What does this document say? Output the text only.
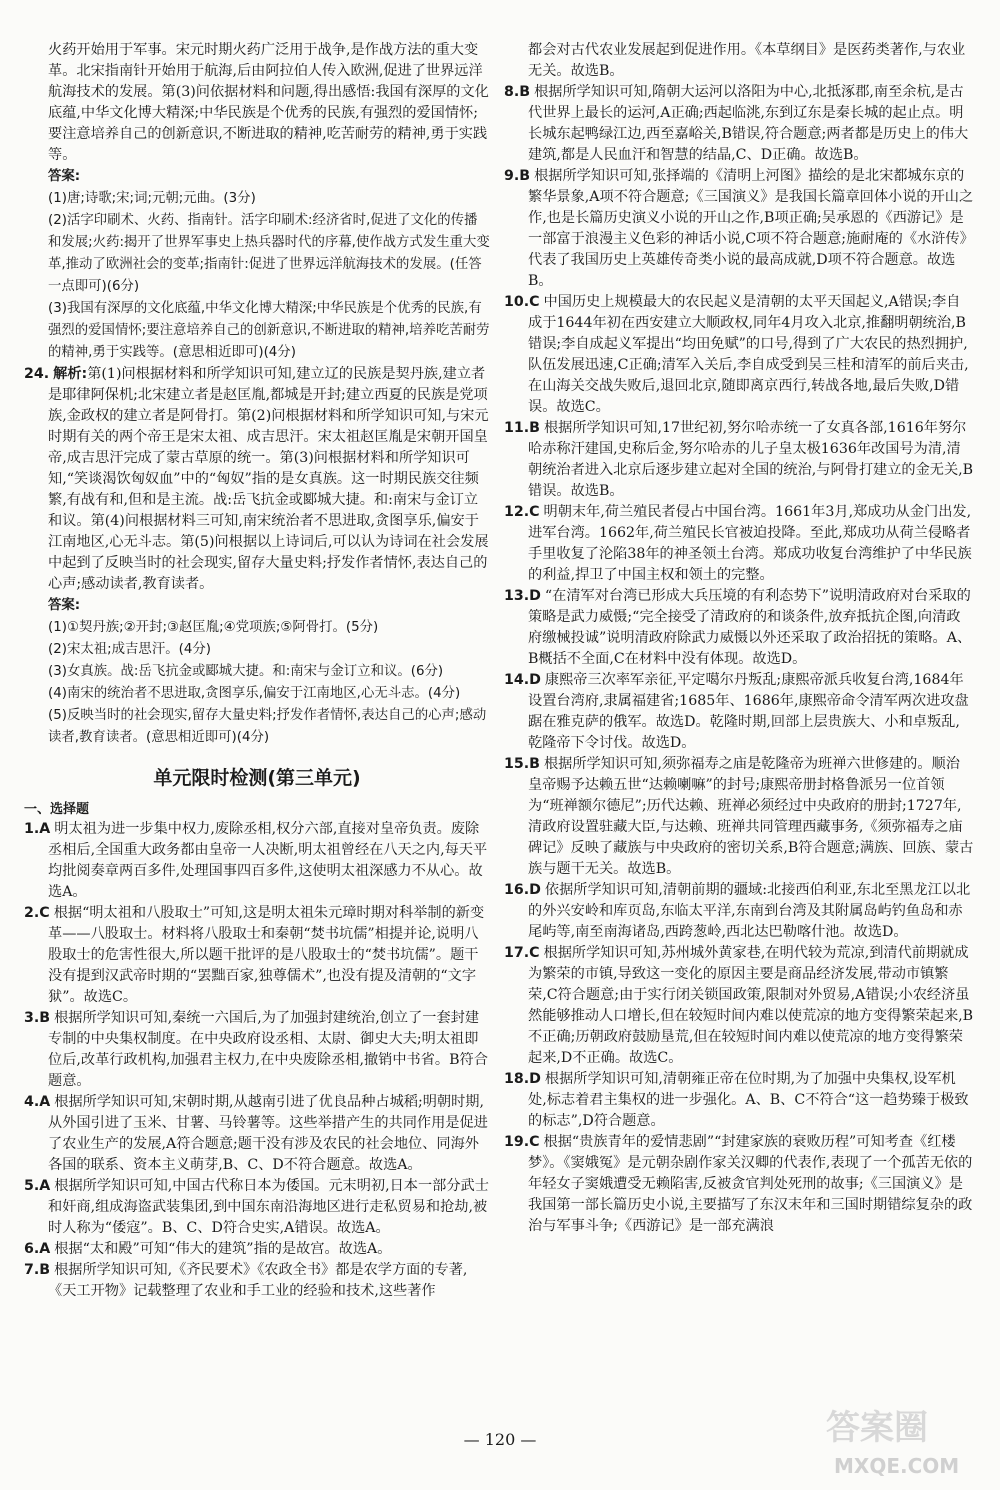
火药开始用于军事。宋元时期火药广泛用于战争,是作战方法的重大变革。北宋指南针开始用于航海,后由阿拉伯人传入欧洲,促进了世界远洋航海技术的发展。第(3)问依据材料和问题,得出感悟:我国有深厚的文化底蕴,中华文化博大精深;中华民族是个优秀的民族,有强烈的爱国情怀;要注意培养自己的创新意识,不断进取的精神,吃苦耐劳的精神,勇于实践等。

答案:

(1)唐;诗歌;宋;词;元朝;元曲。(3分)

(2)活字印刷术、火药、指南针。活字印刷术:经济省时,促进了文化的传播和发展;火药:揭开了世界军事史上热兵器时代的序幕,使作战方式发生重大变革,推动了欧洲社会的变革;指南针:促进了世界远洋航海技术的发展。(任答一点即可)(6分)

(3)我国有深厚的文化底蕴,中华文化博大精深;中华民族是个优秀的民族,有强烈的爱国情怀;要注意培养自己的创新意识,不断进取的精神,培养吃苦耐劳的精神,勇于实践等。(意思相近即可)(4分)

24. 解析:第(1)问根据材料和所学知识可知,建立辽的民族是契丹族,建立者是耶律阿保机;北宋建立者是赵匡胤,都城是开封;建立西夏的民族是党项族,金政权的建立者是阿骨打。第(2)问根据材料和所学知识可知,与宋元时期有关的两个帝王是宋太祖、成吉思汗。宋太祖赵匡胤是宋朝开国皇帝,成吉思汗完成了蒙古草原的统一。第(3)问根据材料和所学知识可知,“笑谈渴饮匈奴血”中的“匈奴”指的是女真族。这一时期民族交往频繁,有战有和,但和是主流。战:岳飞抗金或郾城大捷。和:南宋与金订立和议。第(4)问根据材料三可知,南宋统治者不思进取,贪图享乐,偏安于江南地区,心无斗志。第(5)问根据以上诗词后,可以认为诗词在社会发展中起到了反映当时的社会现实,留存大量史料;抒发作者情怀,表达自己的心声;感动读者,教育读者。

答案:

(1)①契丹族;②开封;③赵匡胤;④党项族;⑤阿骨打。(5分)

(2)宋太祖;成吉思汗。(4分)

(3)女真族。战:岳飞抗金或郾城大捷。和:南宋与金订立和议。(6分)

(4)南宋的统治者不思进取,贪图享乐,偏安于江南地区,心无斗志。(4分)

(5)反映当时的社会现实,留存大量史料;抒发作者情怀,表达自己的心声;感动读者,教育读者。(意思相近即可)(4分)

单元限时检测(第三单元)
一、选择题

1.A 明太祖为进一步集中权力,废除丞相,权分六部,直接对皇帝负责。废除丞相后,全国重大政务都由皇帝一人决断,明太祖曾经在八天之内,每天平均批阅奏章两百多件,处理国事四百多件,这使明太祖深感力不从心。故选A。

2.C 根据“明太祖和八股取士”可知,这是明太祖朱元璋时期对科举制的新变革——八股取士。材料将八股取士和秦朝“焚书坑儒”相提并论,说明八股取士的危害性很大,所以题干批评的是八股取士的“焚书坑儒”。题干没有提到汉武帝时期的“罢黜百家,独尊儒术”,也没有提及清朝的“文字狱”。故选C。

3.B 根据所学知识可知,秦统一六国后,为了加强封建统治,创立了一套封建专制的中央集权制度。在中央政府设丞相、太尉、御史大夫;明太祖即位后,改革行政机构,加强君主权力,在中央废除丞相,撤销中书省。B符合题意。

4.A 根据所学知识可知,宋朝时期,从越南引进了优良品种占城稻;明朝时期,从外国引进了玉米、甘薯、马铃薯等。这些举措产生的共同作用是促进了农业生产的发展,A符合题意;题干没有涉及农民的社会地位、同海外各国的联系、资本主义萌芽,B、C、D不符合题意。故选A。

5.A 根据所学知识可知,中国古代称日本为倭国。元末明初,日本一部分武士和奸商,组成海盗武装集团,到中国东南沿海地区进行走私贸易和抢劫,被时人称为“倭寇”。B、C、D符合史实,A错误。故选A。

6.A 根据“太和殿”可知“伟大的建筑”指的是故宫。故选A。

7.B 根据所学知识可知,《齐民要术》《农政全书》都是农学方面的专著,《天工开物》记载整理了农业和手工业的经验和技术,这些著作

都会对古代农业发展起到促进作用。《本草纲目》是医药类著作,与农业无关。故选B。

8.B 根据所学知识可知,隋朝大运河以洛阳为中心,北抵涿郡,南至余杭,是古代世界上最长的运河,A正确;西起临洮,东到辽东是秦长城的起止点。明长城东起鸭绿江边,西至嘉峪关,B错误,符合题意;两者都是历史上的伟大建筑,都是人民血汗和智慧的结晶,C、D正确。故选B。

9.B 根据所学知识可知,张择端的《清明上河图》描绘的是北宋都城东京的繁华景象,A项不符合题意;《三国演义》是我国长篇章回体小说的开山之作,也是长篇历史演义小说的开山之作,B项正确;吴承恩的《西游记》是一部富于浪漫主义色彩的神话小说,C项不符合题意;施耐庵的《水浒传》代表了我国历史上英雄传奇类小说的最高成就,D项不符合题意。故选B。

10.C 中国历史上规模最大的农民起义是清朝的太平天国起义,A错误;李自成于1644年初在西安建立大顺政权,同年4月攻入北京,推翻明朝统治,B错误;李自成起义军提出“均田免赋”的口号,得到了广大农民的热烈拥护,队伍发展迅速,C正确;清军入关后,李自成受到吴三桂和清军的前后夹击,在山海关交战失败后,退回北京,随即离京西行,转战各地,最后失败,D错误。故选C。

11.B 根据所学知识可知,17世纪初,努尔哈赤统一了女真各部,1616年努尔哈赤称汗建国,史称后金,努尔哈赤的儿子皇太极1636年改国号为清,清朝统治者进入北京后逐步建立起对全国的统治,与阿骨打建立的金无关,B错误。故选B。

12.C 明朝末年,荷兰殖民者侵占中国台湾。1661年3月,郑成功从金门出发,进军台湾。1662年,荷兰殖民长官被迫投降。至此,郑成功从荷兰侵略者手里收复了沦陷38年的神圣领土台湾。郑成功收复台湾维护了中华民族的利益,捍卫了中国主权和领土的完整。

13.D “在清军对台湾已形成大兵压境的有利态势下”说明清政府对台采取的策略是武力威慑;“完全接受了清政府的和谈条件,放弃抵抗企图,向清政府缴械投诚”说明清政府除武力威慑以外还采取了政治招抚的策略。A、B概括不全面,C在材料中没有体现。故选D。

14.D 康熙帝三次率军亲征,平定噶尔丹叛乱;康熙帝派兵收复台湾,1684年设置台湾府,隶属福建省;1685年、1686年,康熙帝命令清军两次进攻盘踞在雅克萨的俄军。故选D。乾隆时期,回部上层贵族大、小和卓叛乱,乾隆帝下令讨伐。故选D。

15.B 根据所学知识可知,须弥福寿之庙是乾隆帝为班禅六世修建的。顺治皇帝赐予达赖五世“达赖喇嘛”的封号;康熙帝册封格鲁派另一位首领为“班禅额尔德尼”;历代达赖、班禅必须经过中央政府的册封;1727年,清政府设置驻藏大臣,与达赖、班禅共同管理西藏事务,《须弥福寿之庙碑记》反映了藏族与中央政府的密切关系,B符合题意;满族、回族、蒙古族与题干无关。故选B。

16.D 依据所学知识可知,清朝前期的疆域:北接西伯利亚,东北至黑龙江以北的外兴安岭和库页岛,东临太平洋,东南到台湾及其附属岛屿钓鱼岛和赤尾屿等,南至南海诸岛,西跨葱岭,西北达巴勒喀什池。故选D。

17.C 根据所学知识可知,苏州城外黄家巷,在明代较为荒凉,到清代前期就成为繁荣的市镇,导致这一变化的原因主要是商品经济发展,带动市镇繁荣,C符合题意;由于实行闭关锁国政策,限制对外贸易,A错误;小农经济虽然能够推动人口增长,但在较短时间内难以使荒凉的地方变得繁荣起来,B不正确;历朝政府鼓励垦荒,但在较短时间内难以使荒凉的地方变得繁荣起来,D不正确。故选C。

18.D 根据所学知识可知,清朝雍正帝在位时期,为了加强中央集权,设军机处,标志着君主集权的进一步强化。A、B、C不符合“这一趋势臻于极致的标志”,D符合题意。

19.C 根据“贵族青年的爱情悲剧”“封建家族的衰败历程”可知考查《红楼梦》。《窦娥冤》是元朝杂剧作家关汉卿的代表作,表现了一个孤苦无依的年轻女子窦娥遭受无赖陷害,反被贪官判处死刑的故事;《三国演义》是我国第一部长篇历史小说,主要描写了东汉末年和三国时期错综复杂的政治与军事斗争;《西游记》是一部充满浪

— 120 —	答案圈
MXQE.COM
